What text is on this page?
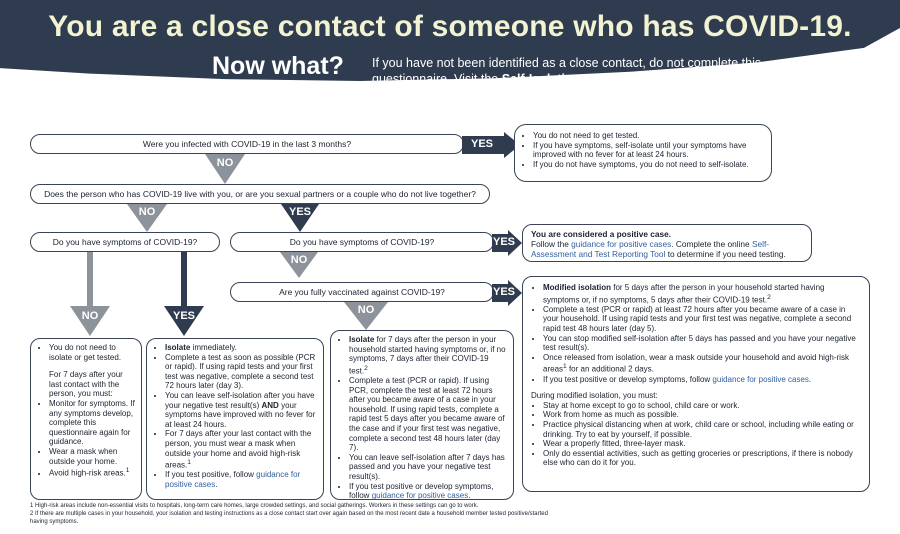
You are a close contact of someone who has COVID-19.
Now what? If you have not been identified as a close contact, do not complete this questionnaire. Visit the Self-Isolation Assessment Tool for advice.
Were you infected with COVID-19 in the last 3 months?	YES
• You do not need to get tested.
• If you have symptoms, self-isolate until your symptoms have improved with no fever for at least 24 hours.
• If you do not have symptoms, you do not need to self-isolate.
NO
Does the person who has COVID-19 live with you, or are you sexual partners or a couple who do not live together?
NO	YES
Do you have symptoms of COVID-19?	Do you have symptoms of COVID-19?	YES
You are considered a positive case.
Follow the guidance for positive cases. Complete the online Self-Assessment and Test Reporting Tool to determine if you need testing.
NO
Are you fully vaccinated against COVID-19?	YES
NO
NO	YES
• You do not need to isolate or get tested.
For 7 days after your last contact with the person, you must:
• Monitor for symptoms. If any symptoms develop, complete this questionnaire again for guidance.
• Wear a mask when outside your home.
• Avoid high-risk areas.$^1$
• Isolate immediately.
• Complete a test as soon as possible (PCR or rapid). If using rapid tests and your first test was negative, complete a second test 72 hours later (day 3).
• You can leave self-isolation after you have your negative test result(s) AND your symptoms have improved with no fever for at least 24 hours.
• For 7 days after your last contact with the person, you must wear a mask when outside your home and avoid high-risk areas.$^1$
• If you test positive, follow guidance for positive cases.
• Isolate for 7 days after the person in your household started having symptoms or, if no symptoms, 7 days after their COVID-19 test.$^2$
• Complete a test (PCR or rapid). If using PCR, complete the test at least 72 hours after you became aware of a case in your household. If using rapid tests, complete a rapid test 5 days after you became aware of the case and if your first test was negative, complete a second test 48 hours later (day 7).
• You can leave self-isolation after 7 days has passed and you have your negative test result(s).
• If you test positive or develop symptoms, follow guidance for positive cases.
• Modified isolation for 5 days after the person in your household started having symptoms or, if no symptoms, 5 days after their COVID-19 test.$^2$
• Complete a test (PCR or rapid) at least 72 hours after you became aware of a case in your household. If using rapid tests and your first test was negative, complete a second rapid test 48 hours later (day 5).
• You can stop modified self-isolation after 5 days has passed and you have your negative test result(s).
• Once released from isolation, wear a mask outside your household and avoid high-risk areas$^1$ for an additional 2 days.
• If you test positive or develop symptoms, follow guidance for positive cases.
During modified isolation, you must:
• Stay at home except to go to school, child care or work.
• Work from home as much as possible.
• Practice physical distancing when at work, child care or school, including while eating or drinking. Try to eat by yourself, if possible.
• Wear a properly fitted, three-layer mask.
• Only do essential activities, such as getting groceries or prescriptions, if there is nobody else who can do it for you.
1 High-risk areas include non-essential visits to hospitals, long-term care homes, large crowded settings, and social gatherings. Workers in these settings can go to work.
2 If there are multiple cases in your household, your isolation and testing instructions as a close contact start over again based on the most recent date a household member tested positive/started having symptoms.
